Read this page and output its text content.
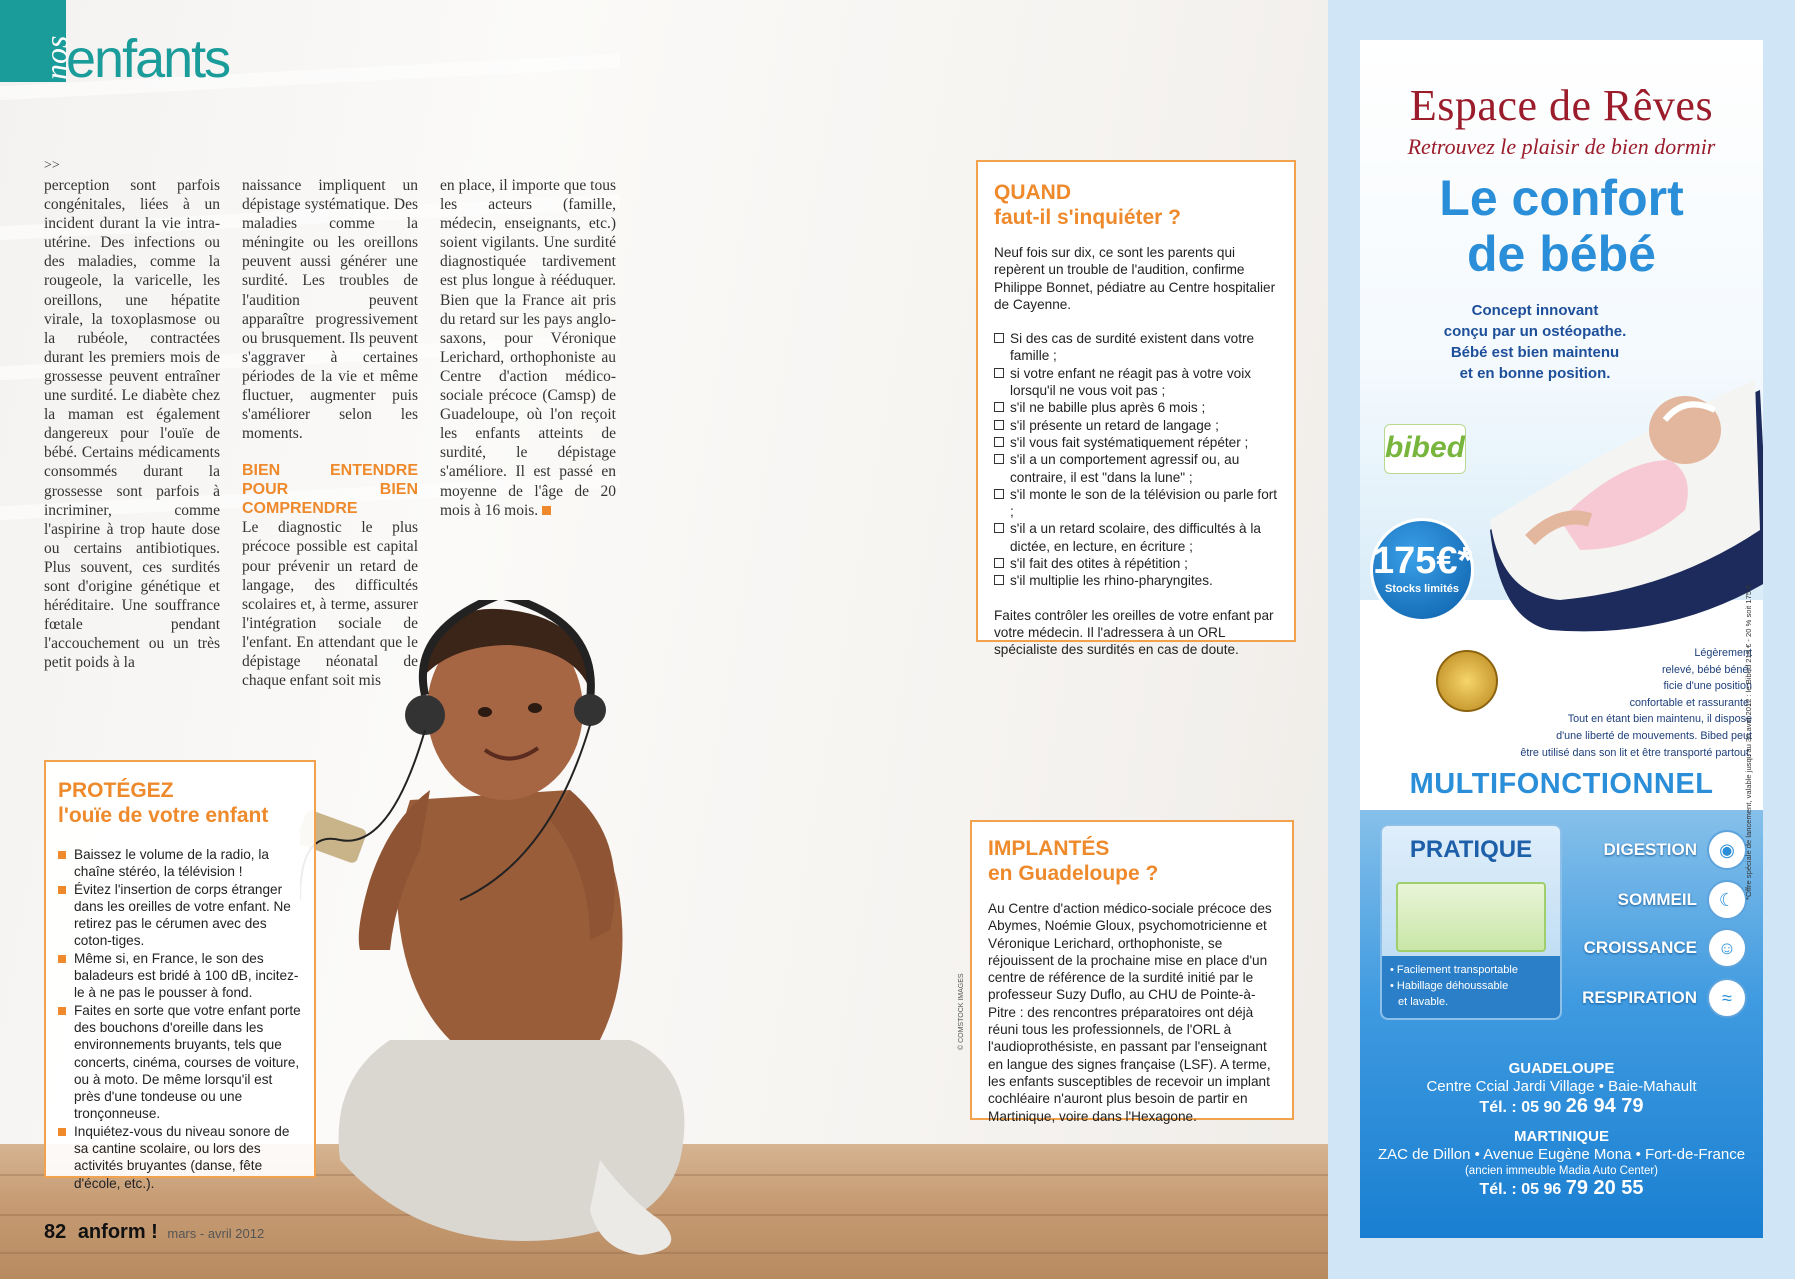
nos
enfants
>>

perception sont parfois congénitales, liées à un incident durant la vie intra-utérine. Des infections ou des maladies, comme la rougeole, la varicelle, les oreillons, une hépatite virale, la toxoplasmose ou la rubéole, contractées durant les premiers mois de grossesse peuvent entraîner une surdité. Le diabète chez la maman est également dangereux pour l'ouïe de bébé. Certains médicaments consommés durant la grossesse sont parfois à incriminer, comme l'aspirine à trop haute dose ou certains antibiotiques. Plus souvent, ces surdités sont d'origine génétique et héréditaire. Une souffrance fœtale pendant l'accouchement ou un très petit poids à la

naissance impliquent un dépistage systématique. Des maladies comme la méningite ou les oreillons peuvent aussi générer une surdité. Les troubles de l'audition peuvent apparaître progressivement ou brusquement. Ils peuvent s'aggraver à certaines périodes de la vie et même fluctuer, augmenter puis s'améliorer selon les moments.

BIEN ENTENDRE POUR BIEN COMPRENDRE

Le diagnostic le plus précoce possible est capital pour prévenir un retard de langage, des difficultés scolaires et, à terme, assurer l'intégration sociale de l'enfant. En attendant que le dépistage néonatal de chaque enfant soit mis

en place, il importe que tous les acteurs (famille, médecin, enseignants, etc.) soient vigilants. Une surdité diagnostiquée tardivement est plus longue à rééduquer. Bien que la France ait pris du retard sur les pays anglo-saxons, pour Véronique Lerichard, orthophoniste au Centre d'action médico-sociale précoce (Camsp) de Guadeloupe, où l'on reçoit les enfants atteints de surdité, le dépistage s'améliore. Il est passé en moyenne de l'âge de 20 mois à 16 mois.

QUAND
faut-il s'inquiéter ?

Neuf fois sur dix, ce sont les parents qui repèrent un trouble de l'audition, confirme Philippe Bonnet, pédiatre au Centre hospitalier de Cayenne.

Si des cas de surdité existent dans votre famille ;
si votre enfant ne réagit pas à votre voix lorsqu'il ne vous voit pas ;
s'il ne babille plus après 6 mois ;
s'il présente un retard de langage ;
s'il vous fait systématiquement répéter ;
s'il a un comportement agressif ou, au contraire, il est "dans la lune" ;
s'il monte le son de la télévision ou parle fort ;
s'il a un retard scolaire, des difficultés à la dictée, en lecture, en écriture ;
s'il fait des otites à répétition ;
s'il multiplie les rhino-pharyngites.

Faites contrôler les oreilles de votre enfant par votre médecin. Il l'adressera à un ORL spécialiste des surdités en cas de doute.

IMPLANTÉS
en Guadeloupe ?
Au Centre d'action médico-sociale précoce des Abymes, Noémie Gloux, psychomotricienne et Véronique Lerichard, orthophoniste, se réjouissent de la prochaine mise en place d'un centre de référence de la surdité initié par le professeur Suzy Duflo, au CHU de Pointe-à-Pitre : des rencontres préparatoires ont déjà réuni tous les professionnels, de l'ORL à l'audioprothésiste, en passant par l'enseignant en langue des signes française (LSF). A terme, les enfants susceptibles de recevoir un implant cochléaire n'auront plus besoin de partir en Martinique, voire dans l'Hexagone.
PROTÉGEZ
l'ouïe de votre enfant
Baissez le volume de la radio, la chaîne stéréo, la télévision !
Évitez l'insertion de corps étranger dans les oreilles de votre enfant. Ne retirez pas le cérumen avec des coton-tiges.
Même si, en France, le son des baladeurs est bridé à 100 dB, incitez-le à ne pas le pousser à fond.
Faites en sorte que votre enfant porte des bouchons d'oreille dans les environnements bruyants, tels que concerts, cinéma, courses de voiture, ou à moto. De même lorsqu'il est près d'une tondeuse ou une tronçonneuse.
Inquiétez-vous du niveau sonore de sa cantine scolaire, ou lors des activités bruyantes (danse, fête d'école, etc.).
© COMSTOCK IMAGES
82 anform ! mars - avril 2012
Espace de Rêves
Retrouvez le plaisir de bien dormir
Le confort
de bébé
Concept innovant
conçu par un ostéopathe.
Bébé est bien maintenu
et en bonne position.
bibed
175€*
Stocks limités
Légèrement
relevé, bébé béné-
ficie d'une position
confortable et rassurante.
Tout en étant bien maintenu, il dispose
d'une liberté de mouvements. Bibed peut
être utilisé dans son lit et être transporté partout.
MULTIFONCTIONNEL
PRATIQUE
• Facilement transportable
• Habillage déhoussable
et lavable.
DIGESTION	◉
SOMMEIL	☾
CROISSANCE	☺
RESPIRATION	≈
GUADELOUPE
Centre Ccial Jardi Village • Baie-Mahault
Tél. : 05 90 26 94 79
MARTINIQUE
ZAC de Dillon • Avenue Eugène Mona • Fort-de-France
(ancien immeuble Madia Auto Center)
Tél. : 05 96 79 20 55
*Offre spéciale de lancement, valable jusqu'au 30 avril 2012 : le Bibed 219 € - 20 % soit 175 €
